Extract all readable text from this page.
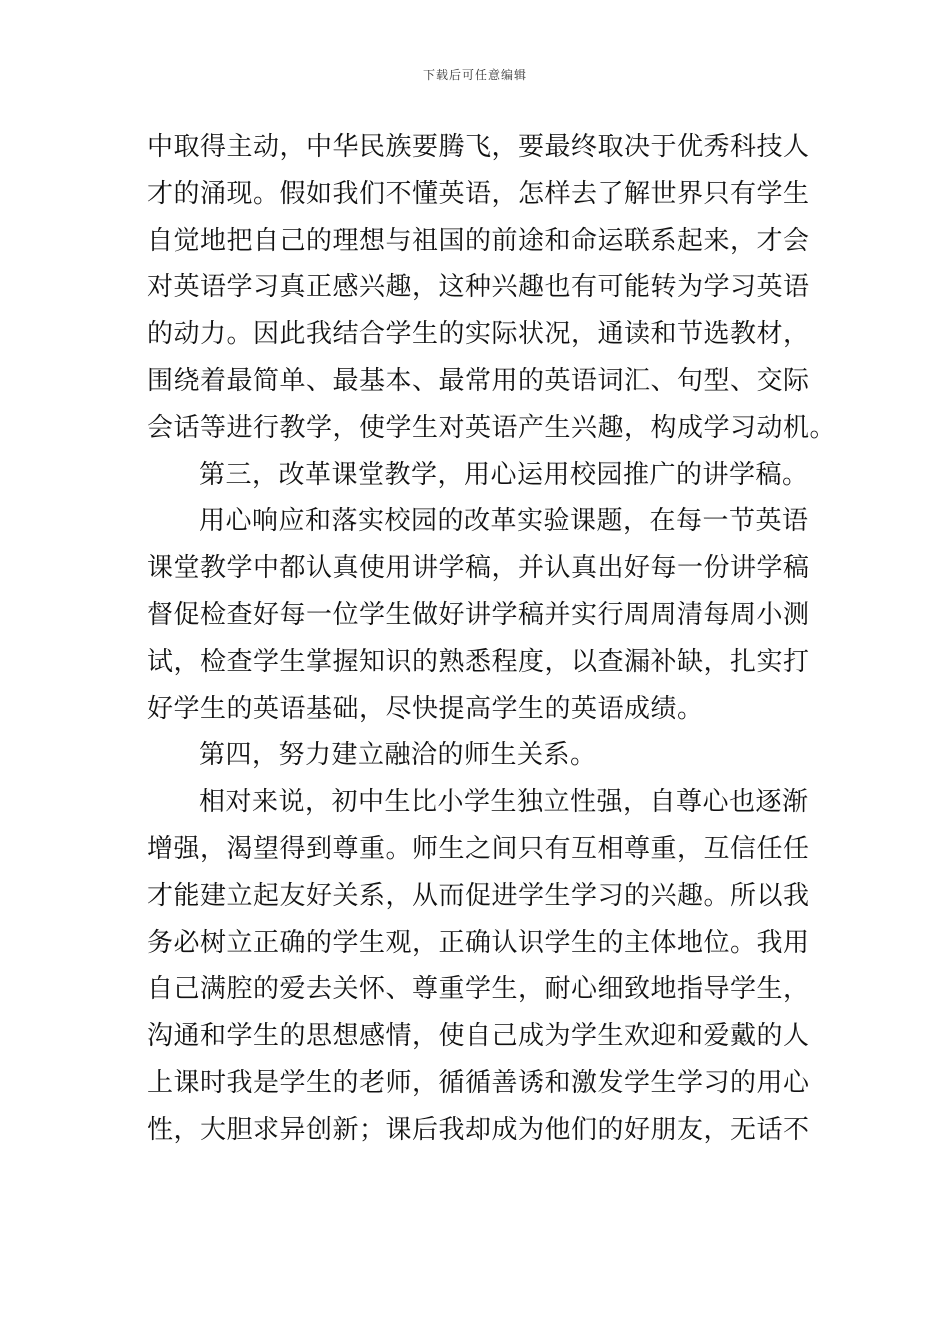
下载后可任意编辑
中取得主动，中华民族要腾飞，要最终取决于优秀科技人
才的涌现。假如我们不懂英语，怎样去了解世界只有学生
自觉地把自己的理想与祖国的前途和命运联系起来，才会
对英语学习真正感兴趣，这种兴趣也有可能转为学习英语
的动力。因此我结合学生的实际状况，通读和节选教材，
围绕着最简单、最基本、最常用的英语词汇、句型、交际
会话等进行教学，使学生对英语产生兴趣，构成学习动机。
第三，改革课堂教学，用心运用校园推广的讲学稿。
用心响应和落实校园的改革实验课题，在每一节英语
课堂教学中都认真使用讲学稿，并认真出好每一份讲学稿
督促检查好每一位学生做好讲学稿并实行周周清每周小测
试，检查学生掌握知识的熟悉程度，以查漏补缺，扎实打
好学生的英语基础，尽快提高学生的英语成绩。
第四，努力建立融洽的师生关系。
相对来说，初中生比小学生独立性强，自尊心也逐渐
增强，渴望得到尊重。师生之间只有互相尊重，互信任任
才能建立起友好关系，从而促进学生学习的兴趣。所以我
务必树立正确的学生观，正确认识学生的主体地位。我用
自己满腔的爱去关怀、尊重学生，耐心细致地指导学生，
沟通和学生的思想感情，使自己成为学生欢迎和爱戴的人
上课时我是学生的老师，循循善诱和激发学生学习的用心
性，大胆求异创新；课后我却成为他们的好朋友，无话不
